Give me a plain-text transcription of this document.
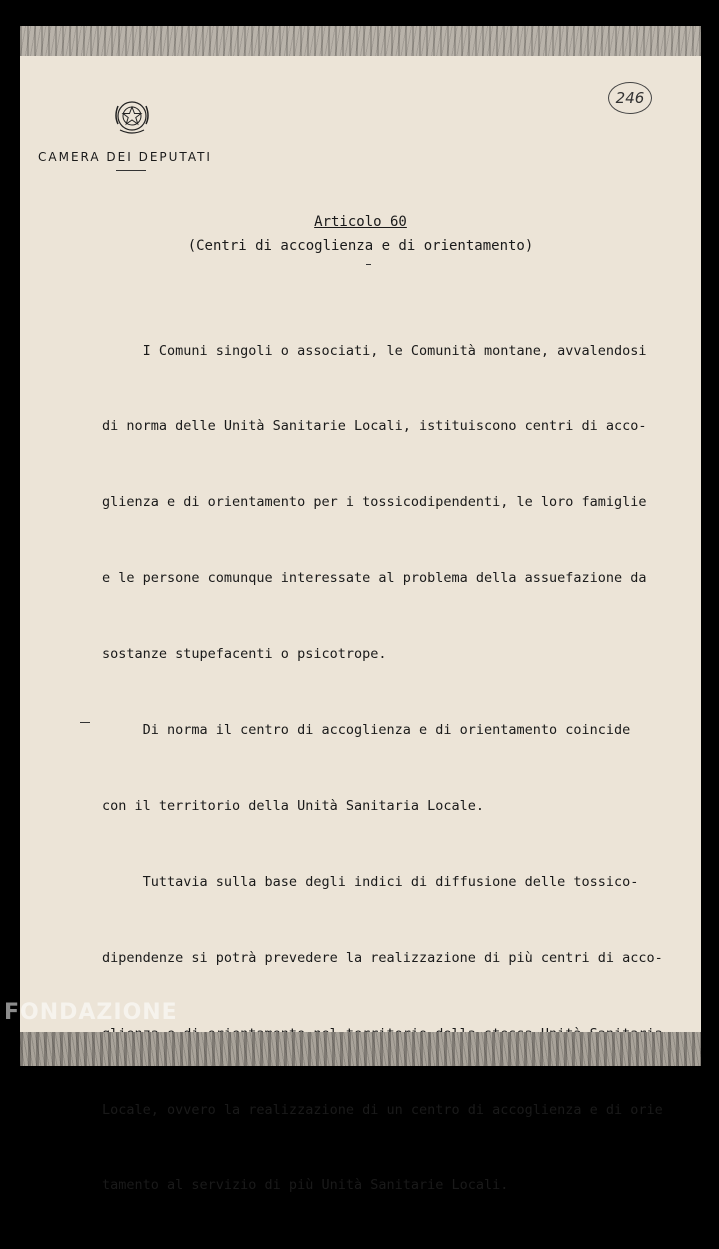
CAMERA DEI DEPUTATI
246
Articolo 60
(Centri di accoglienza e di orientamento)

I Comuni singoli o associati, le Comunità montane, avvalendosi

di norma delle Unità Sanitarie Locali, istituiscono centri di acco-

glienza e di orientamento per i tossicodipendenti, le loro famiglie

e le persone comunque interessate al problema della assuefazione da

sostanze stupefacenti o psicotrope.

Di norma il centro di accoglienza e di orientamento coincide

con il territorio della Unità Sanitaria Locale.

Tuttavia sulla base degli indici di diffusione delle tossico-

dipendenze si potrà prevedere la realizzazione di più centri di acco-

Locale, ovvero la realizzazione di un centro di accoglienza e di orie

tamento al servizio di più Unità Sanitarie Locali.

FONDAZIONE
